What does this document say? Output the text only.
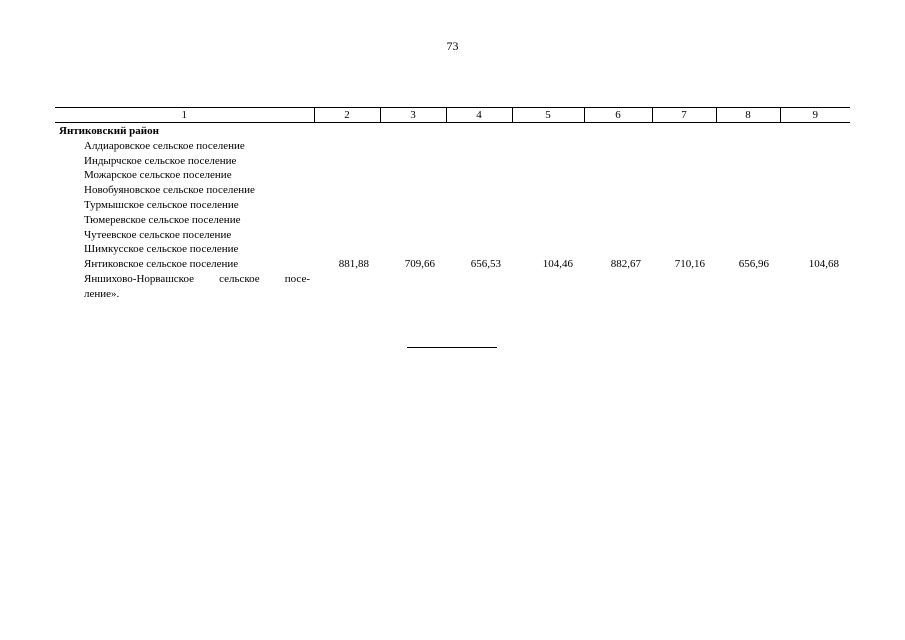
73
1	2	3	4	5	6	7	8	9
Янтиковский район								
Алдиаровское сельское поселение								
Индырчское сельское поселение								
Можарское сельское поселение								
Новобуяновское сельское поселение								
Турмышское сельское поселение								
Тюмеревское сельское поселение								
Чутеевское сельское поселение								
Шимкусское сельское поселение								
Янтиковское сельское поселение	881,88	709,66	656,53	104,46	882,67	710,16	656,96	104,68
Яншихово-Норвашское сельское посе-								
ление».								
